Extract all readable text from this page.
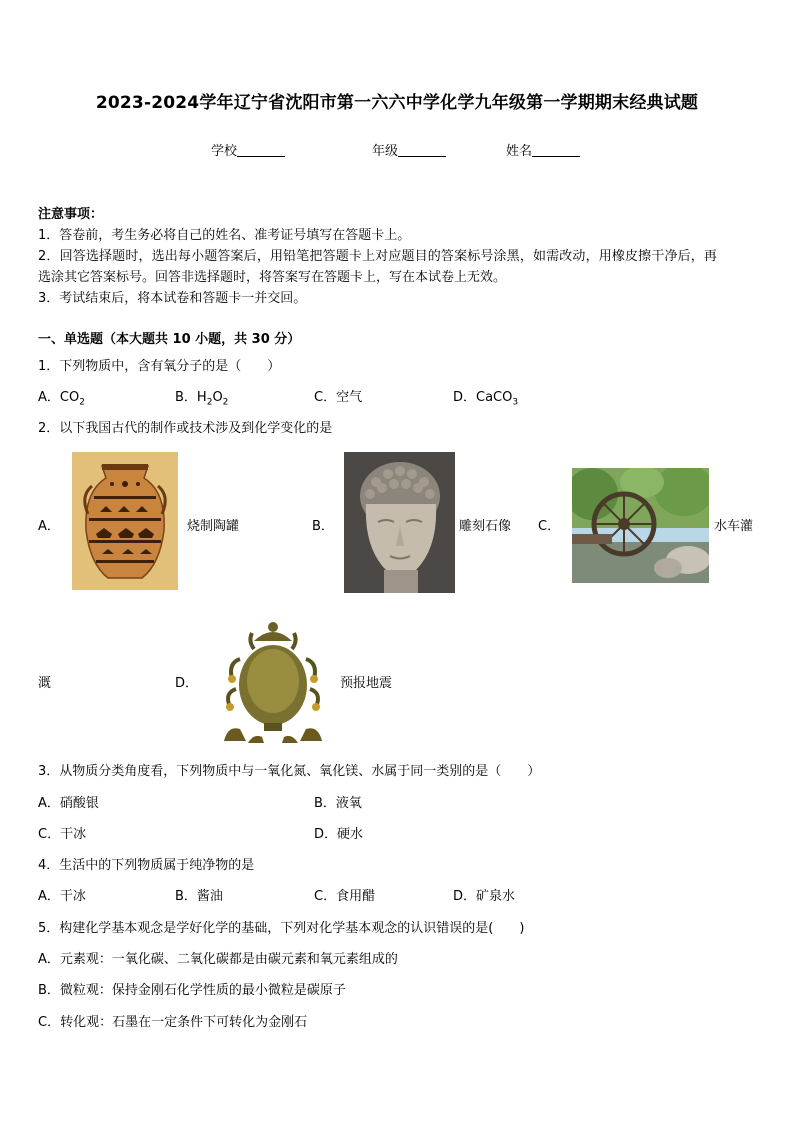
2023-2024学年辽宁省沈阳市第一六六中学化学九年级第一学期期末经典试题
学校	年级	姓名
注意事项：
1．答卷前，考生务必将自己的姓名、准考证号填写在答题卡上。
2．回答选择题时，选出每小题答案后，用铅笔把答题卡上对应题目的答案标号涂黑，如需改动，用橡皮擦干净后，再
选涂其它答案标号。回答非选择题时，将答案写在答题卡上，写在本试卷上无效。
3．考试结束后，将本试卷和答题卡一并交回。
一、单选题（本大题共 10 小题，共 30 分）
1．下列物质中，含有氧分子的是（　　）
A．$CO_2$	B．$H_2O_2$	C．空气	D．CaCO$_3$
2．以下我国古代的制作或技术涉及到化学变化的是
A．	烧制陶罐	B．	雕刻石像 C．	水车灌
溉	D．	预报地震
3．从物质分类角度看，下列物质中与一氧化氮、氧化镁、水属于同一类别的是（　　）
A．硝酸银	B．液氧
C．干冰	D．硬水
4．生活中的下列物质属于纯净物的是
A．干冰	B．酱油	C．食用醋	D．矿泉水
5．构建化学基本观念是学好化学的基础，下列对化学基本观念的认识错误的是(　　)
A．元素观：一氧化碳、二氧化碳都是由碳元素和氧元素组成的
B．微粒观：保持金刚石化学性质的最小微粒是碳原子
C．转化观：石墨在一定条件下可转化为金刚石
